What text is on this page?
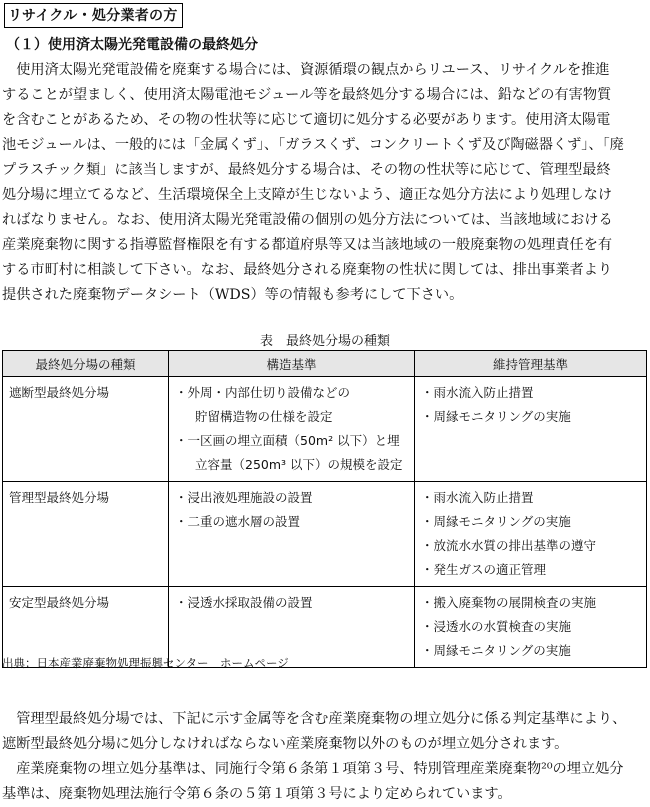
リサイクル・処分業者の方
（１）使用済太陽光発電設備の最終処分
　使用済太陽光発電設備を廃棄する場合には、資源循環の観点からリユース、リサイクルを推進
することが望ましく、使用済太陽電池モジュール等を最終処分する場合には、鉛などの有害物質
を含むことがあるため、その物の性状等に応じて適切に処分する必要があります。使用済太陽電
池モジュールは、一般的には「金属くず」、「ガラスくず、コンクリートくず及び陶磁器くず」、「廃
プラスチック類」に該当しますが、最終処分する場合は、その物の性状等に応じて、管理型最終
処分場に埋立てるなど、生活環境保全上支障が生じないよう、適正な処分方法により処理しなけ
ればなりません。なお、使用済太陽光発電設備の個別の処分方法については、当該地域における
産業廃棄物に関する指導監督権限を有する都道府県等又は当該地域の一般廃棄物の処理責任を有
する市町村に相談して下さい。なお、最終処分される廃棄物の性状に関しては、排出事業者より
提供された廃棄物データシート（WDS）等の情報も参考にして下さい。
表　最終処分場の種類
最終処分場の種類	構造基準	維持管理基準
遮断型最終処分場	・外周・内部仕切り設備などの
貯留構造物の仕様を設定
・一区画の埋立面積（50m² 以下）と埋
立容量（250m³ 以下）の規模を設定	・雨水流入防止措置
・周縁モニタリングの実施

管理型最終処分場	・浸出液処理施設の設置
・二重の遮水層の設置	・雨水流入防止措置
・周縁モニタリングの実施
・放流水水質の排出基準の遵守
・発生ガスの適正管理

安定型最終処分場	・浸透水採取設備の設置	・搬入廃棄物の展開検査の実施
・浸透水の水質検査の実施
・周縁モニタリングの実施
出典：日本産業廃棄物処理振興センター　ホームページ
　管理型最終処分場では、下記に示す金属等を含む産業廃棄物の埋立処分に係る判定基準により、
遮断型最終処分場に処分しなければならない産業廃棄物以外のものが埋立処分されます。
　産業廃棄物の埋立処分基準は、同施行令第６条第１項第３号、特別管理産業廃棄物²⁰の埋立処分
基準は、廃棄物処理法施行令第６条の５第１項第３号により定められています。
